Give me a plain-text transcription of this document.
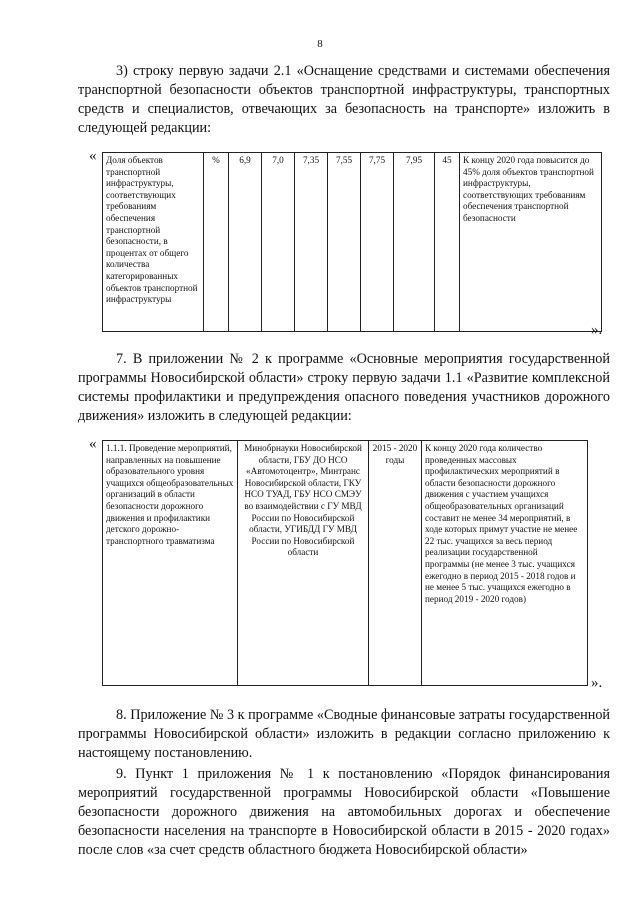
8

3) строку первую задачи 2.1 «Оснащение средствами и системами обеспечения транспортной безопасности объектов транспортной инфраструктуры, транспортных средств и специалистов, отвечающих за безопасность на транспорте» изложить в следующей редакции:

« Доля объектов транспортной инфраструктуры, соответствующих требованиям обеспечения транспортной безопасности, в процентах от общего количества категорированных объектов транспортной инфраструктуры	%	6,9	7,0	7,35	7,55	7,75	7,95	45	К концу 2020 года повысится до 45% доля объектов транспортной инфраструктуры, соответствующих требованиям обеспечения транспортной безопасности
».

7. В приложении № 2 к программе «Основные мероприятия государственной программы Новосибирской области» строку первую задачи 1.1 «Развитие комплексной системы профилактики и предупреждения опасного поведения участников дорожного движения» изложить в следующей редакции:

« 1.1.1. Проведение мероприятий, направленных на повышение образовательного уровня учащихся общеобразовательных организаций в области безопасности дорожного движения и профилактики детского дорожно-транспортного травматизма	Минобрнауки Новосибирской области, ГБУ ДО НСО «Автомотоцентр», Минтранс Новосибирской области, ГКУ НСО ТУАД, ГБУ НСО СМЭУ во взаимодействии с ГУ МВД России по Новосибирской области, УГИБДД ГУ МВД России по Новосибирской области	2015 - 2020 годы	К концу 2020 года количество проведенных массовых профилактических мероприятий в области безопасности дорожного движения с участием учащихся общеобразовательных организаций составит не менее 34 мероприятий, в ходе которых примут участие не менее 22 тыс. учащихся за весь период реализации государственной программы (не менее 3 тыс. учащихся ежегодно в период 2015 - 2018 годов и не менее 5 тыс. учащихся ежегодно в период 2019 - 2020 годов)
».

8. Приложение № 3 к программе «Сводные финансовые затраты государственной программы Новосибирской области» изложить в редакции согласно приложению к настоящему постановлению.

9. Пункт 1 приложения № 1 к постановлению «Порядок финансирования мероприятий государственной программы Новосибирской области «Повышение безопасности дорожного движения на автомобильных дорогах и обеспечение безопасности населения на транспорте в Новосибирской области в 2015 - 2020 годах» после слов «за счет средств областного бюджета Новосибирской области»
